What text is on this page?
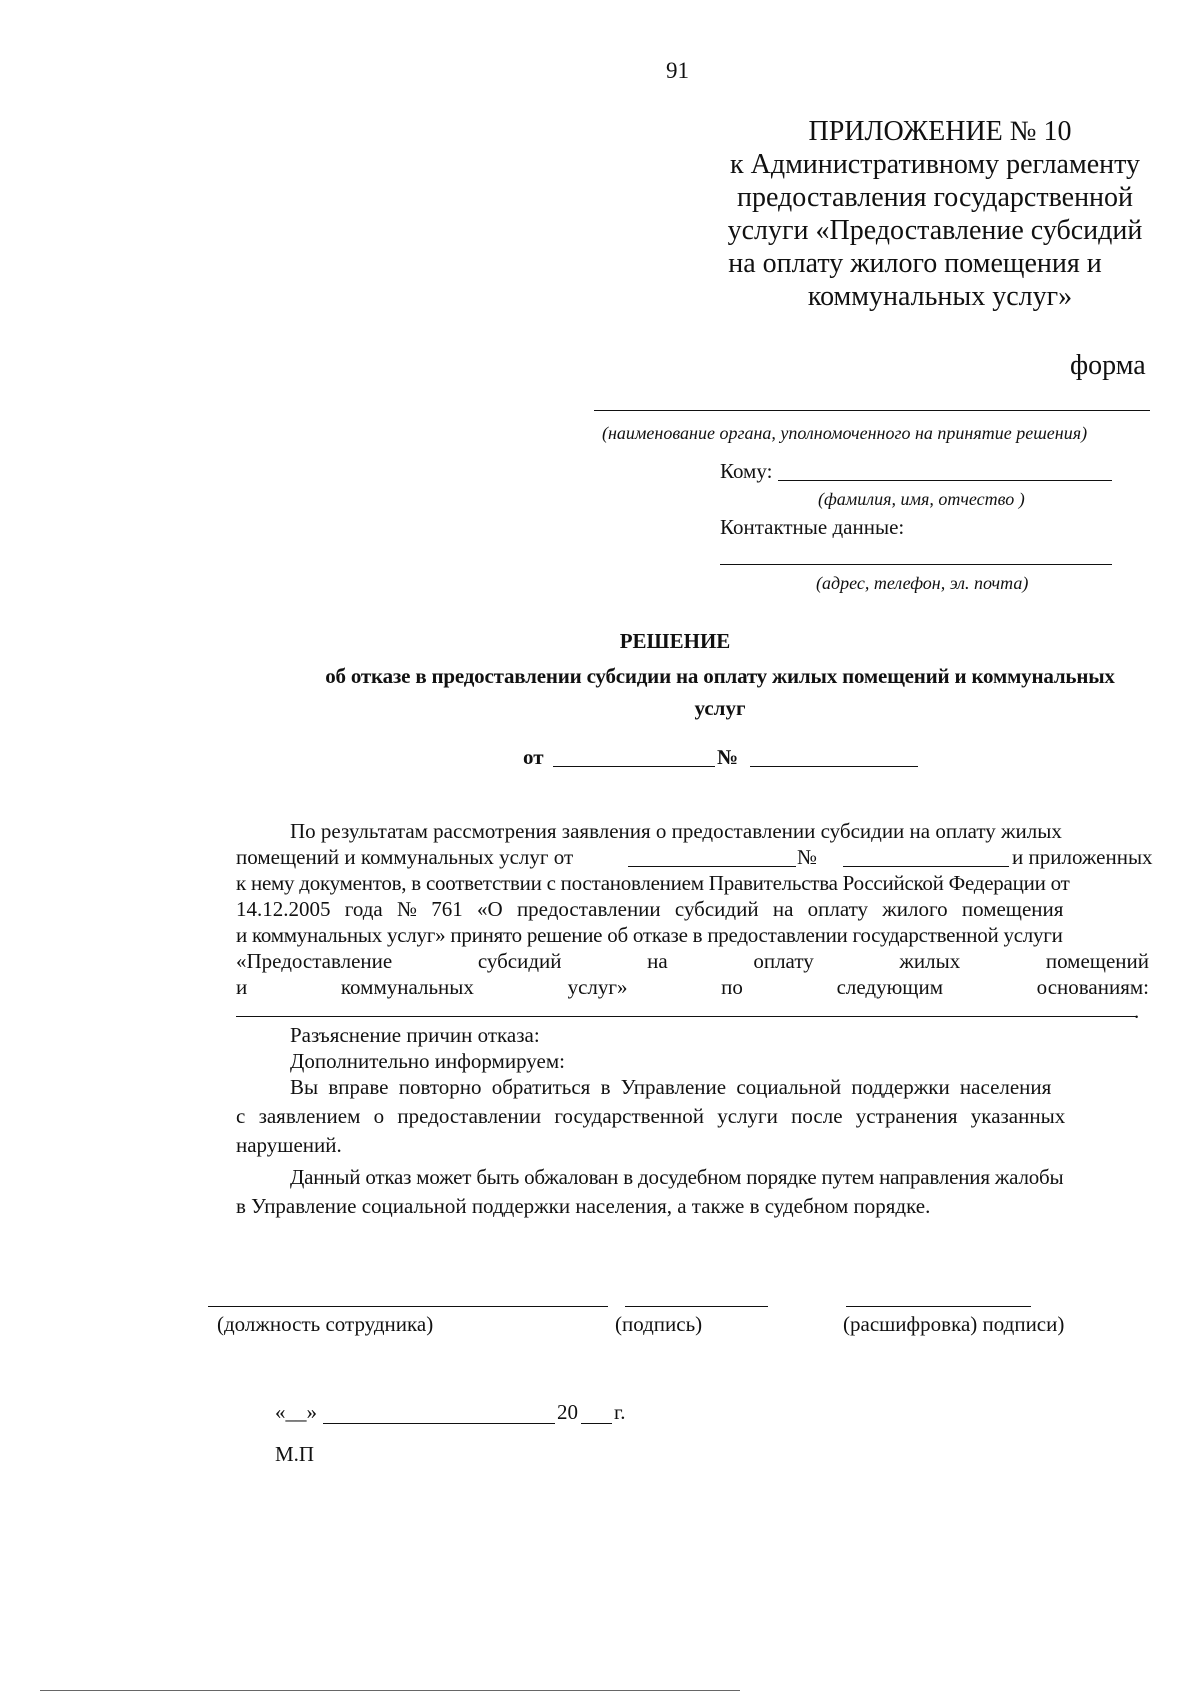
91
ПРИЛОЖЕНИЕ № 10
к Административному регламенту
предоставления государственной
услуги «Предоставление субсидий
на оплату жилого помещения и
коммунальных услуг»
форма
(наименование органа, уполномоченного на принятие решения)
Кому:
(фамилия, имя, отчество )
Контактные данные:
(адрес, телефон, эл. почта)
РЕШЕНИЕ
об отказе в предоставлении субсидии на оплату жилых помещений и коммунальных
услуг
от	№
По результатам рассмотрения заявления о предоставлении субсидии на оплату жилых
помещений и коммунальных услуг от	№	и приложенных
к нему документов, в соответствии с постановлением Правительства Российской Федерации от
14.12.2005 года № 761 «О предоставлении субсидий на оплату жилого помещения
и коммунальных услуг» принято решение об отказе в предоставлении государственной услуги
«Предоставление	субсидий	на	оплату	жилых	помещений
и	коммунальных	услуг»	по	следующим	основаниям:
.
Разъяснение причин отказа:
Дополнительно информируем:
Вы вправе повторно обратиться в Управление социальной поддержки населения
с заявлением о предоставлении государственной услуги после устранения указанных
нарушений.
Данный отказ может быть обжалован в досудебном порядке путем направления жалобы
в Управление социальной поддержки населения, а также в судебном порядке.
(должность сотрудника)	(подпись)	(расшифровка) подписи)
«__»	20 г.
М.П
